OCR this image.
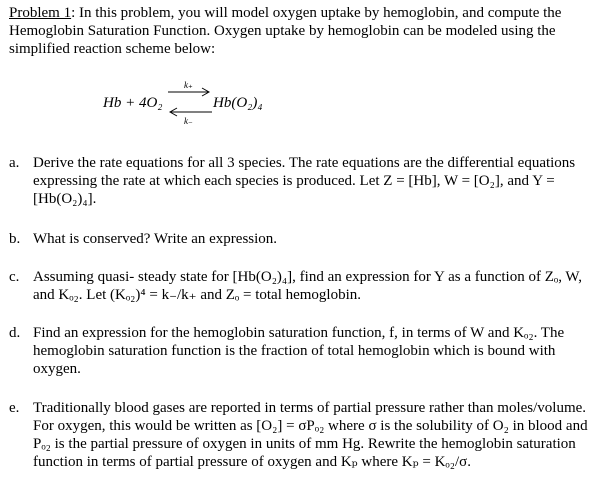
Problem 1: In this problem, you will model oxygen uptake by hemoglobin, and compute the Hemoglobin Saturation Function. Oxygen uptake by hemoglobin can be modeled using the simplified reaction scheme below:
Hb + 4O₂
k₊
k₋
Hb(O₂)₄
a. Derive the rate equations for all 3 species. The rate equations are the differential equations expressing the rate at which each species is produced. Let Z = [Hb], W = [O₂], and Y = [Hb(O₂)₄].
b. What is conserved? Write an expression.
c. Assuming quasi- steady state for [Hb(O₂)₄], find an expression for Y as a function of Zₒ, W, and Kₒ₂. Let (Kₒ₂)⁴ = k₋/k₊ and Zₒ = total hemoglobin.
d. Find an expression for the hemoglobin saturation function, f, in terms of W and Kₒ₂. The hemoglobin saturation function is the fraction of total hemoglobin which is bound with oxygen.
e. Traditionally blood gases are reported in terms of partial pressure rather than moles/volume. For oxygen, this would be written as [O₂] = σPₒ₂ where σ is the solubility of O₂ in blood and Pₒ₂ is the partial pressure of oxygen in units of mm Hg. Rewrite the hemoglobin saturation function in terms of partial pressure of oxygen and Kₚ where Kₚ = Kₒ₂/σ.
